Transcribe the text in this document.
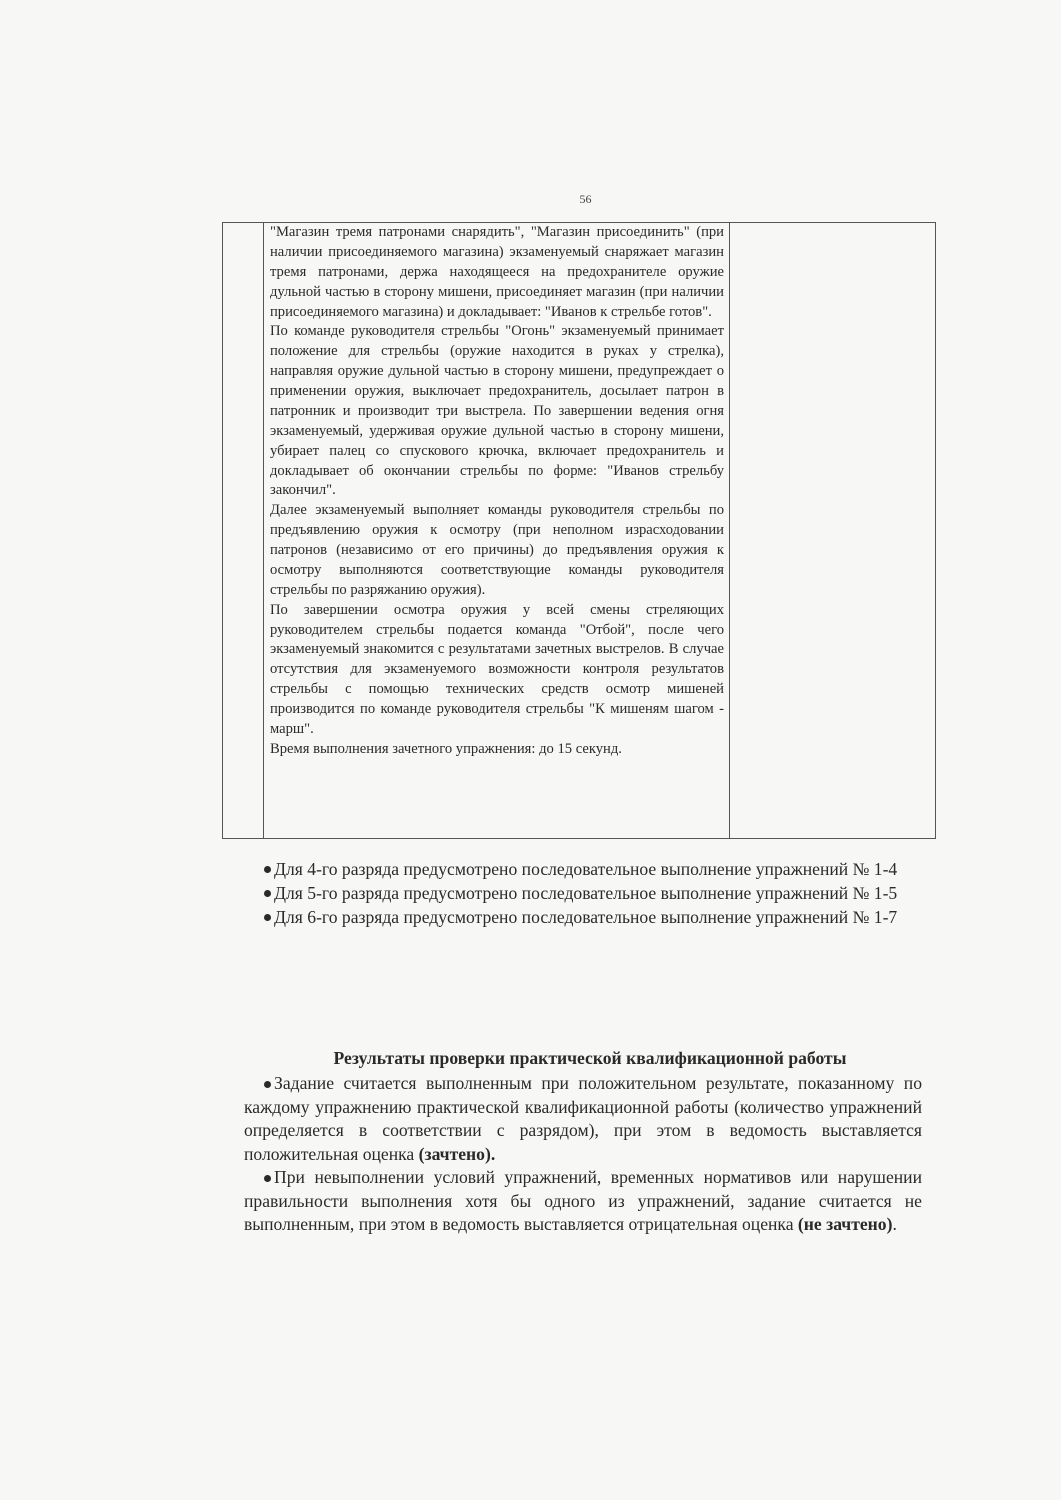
56

"Магазин тремя патронами снарядить", "Магазин присоединить" (при наличии присоединяемого магазина) экзаменуемый снаряжает магазин тремя патронами, держа находящееся на предохранителе оружие дульной частью в сторону мишени, присоединяет магазин (при наличии присоединяемого магазина) и докладывает: "Иванов к стрельбе готов".

По команде руководителя стрельбы "Огонь" экзаменуемый принимает положение для стрельбы (оружие находится в руках у стрелка), направляя оружие дульной частью в сторону мишени, предупреждает о применении оружия, выключает предохранитель, досылает патрон в патронник и производит три выстрела. По завершении ведения огня экзаменуемый, удерживая оружие дульной частью в сторону мишени, убирает палец со спускового крючка, включает предохранитель и докладывает об окончании стрельбы по форме: "Иванов стрельбу закончил".

Далее экзаменуемый выполняет команды руководителя стрельбы по предъявлению оружия к осмотру (при неполном израсходовании патронов (независимо от его причины) до предъявления оружия к осмотру выполняются соответствующие команды руководителя стрельбы по разряжанию оружия).

По завершении осмотра оружия у всей смены стреляющих руководителем стрельбы подается команда "Отбой", после чего экзаменуемый знакомится с результатами зачетных выстрелов. В случае отсутствия для экзаменуемого возможности контроля результатов стрельбы с помощью технических средств осмотр мишеней производится по команде руководителя стрельбы "К мишеням шагом - марш".

Время выполнения зачетного упражнения: до 15 секунд.

Для 4-го разряда предусмотрено последовательное выполнение упражнений № 1-4

Для 5-го разряда предусмотрено последовательное выполнение упражнений № 1-5

Для 6-го разряда предусмотрено последовательное выполнение упражнений № 1-7

Результаты проверки практической квалификационной работы

Задание считается выполненным при положительном результате, показанному по каждому упражнению практической квалификационной работы (количество упражнений определяется в соответствии с разрядом), при этом в ведомость выставляется положительная оценка (зачтено).

При невыполнении условий упражнений, временных нормативов или нарушении правильности выполнения хотя бы одного из упражнений, задание считается не выполненным, при этом в ведомость выставляется отрицательная оценка (не зачтено).
